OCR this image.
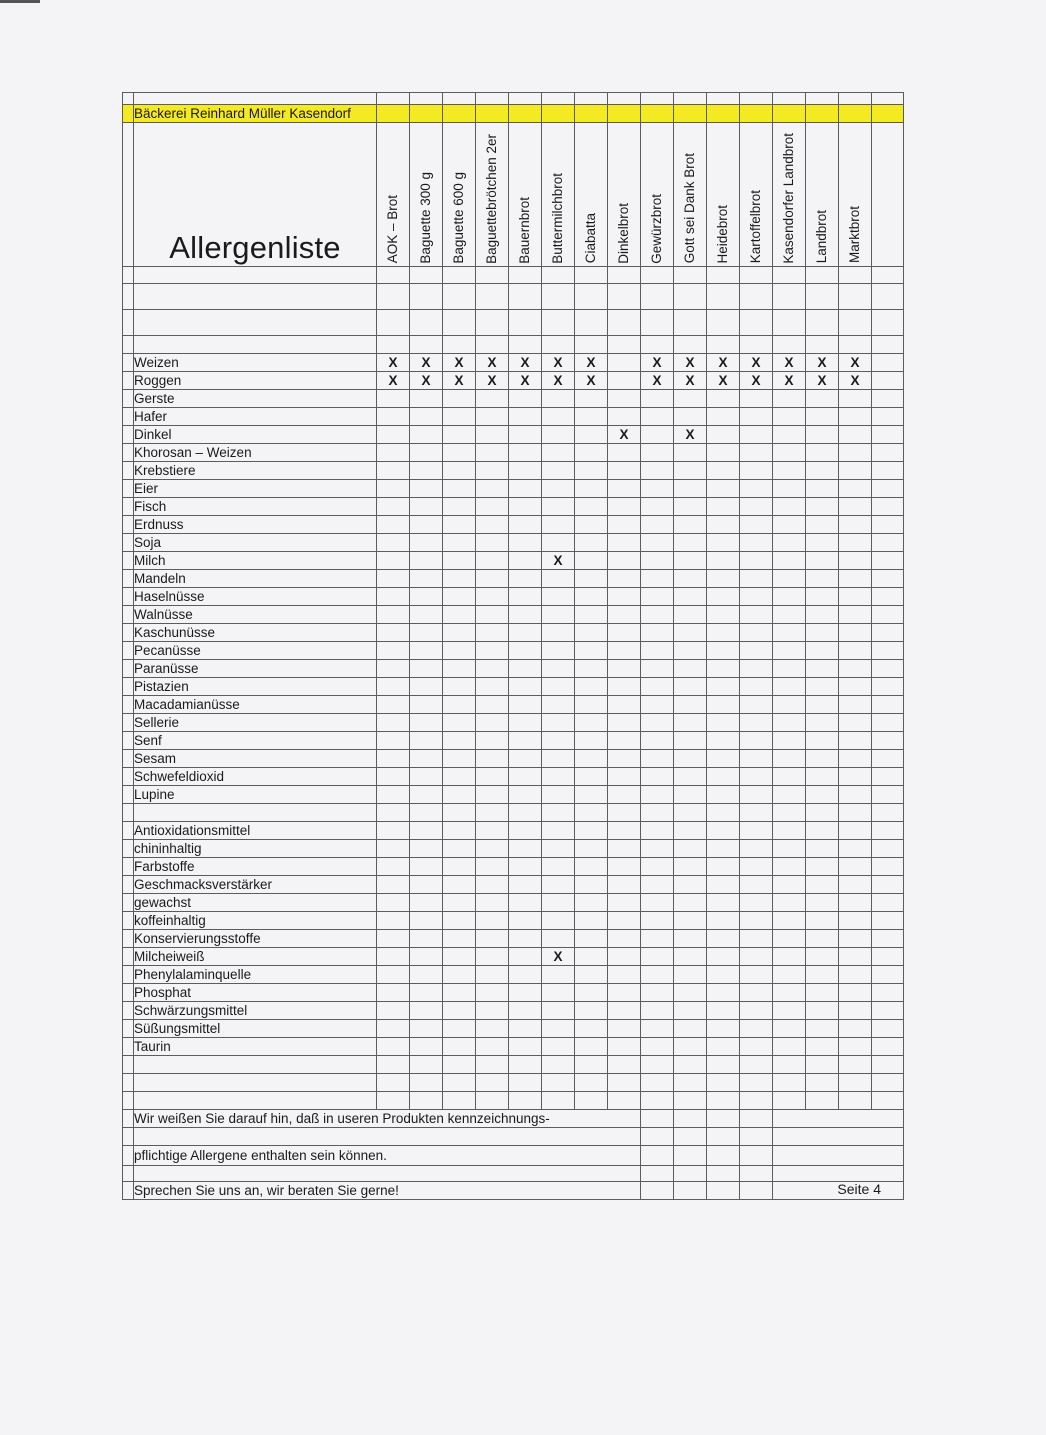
	Bäckerei Reinhard Müller Kasendorf																

	Allergenliste	AOK – Brot	Baguette 300 g	Baguette 600 g	Baguettebrötchen 2er	Bauernbrot	Buttermilchbrot	Ciabatta	Dinkelbrot	Gewürzbrot	Gott sei Dank Brot	Heidebrot	Kartoffelbrot	Kasendorfer Landbrot	Landbrot	Marktbrot	

	Weizen	X	X	X	X	X	X	X		X	X	X	X	X	X	X	
	Roggen	X	X	X	X	X	X	X		X	X	X	X	X	X	X	
	Gerste																
	Hafer																
	Dinkel								X		X						
	Khorosan – Weizen																
	Krebstiere																
	Eier																
	Fisch																
	Erdnuss																
	Soja																
	Milch						X										
	Mandeln																
	Haselnüsse																
	Walnüsse																
	Kaschunüsse																
	Pecanüsse																
	Paranüsse																
	Pistazien																
	Macadamianüsse																
	Sellerie																
	Senf																
	Sesam																
	Schwefeldioxid																
	Lupine																

	Antioxidationsmittel																
	chininhaltig																
	Farbstoffe																
	Geschmacksverstärker																
	gewachst																
	koffeinhaltig																
	Konservierungsstoffe																
	Milcheiweiß						X										
	Phenylalaminquelle																
	Phosphat																
	Schwärzungsmittel																
	Süßungsmittel																
	Taurin																

	Wir weißen Sie darauf hin, daß in useren Produkten kennzeichnungs-																

	pflichtige Allergene enthalten sein können.																

	Sprechen Sie uns an, wir beraten Sie gerne!													Seite 4			
